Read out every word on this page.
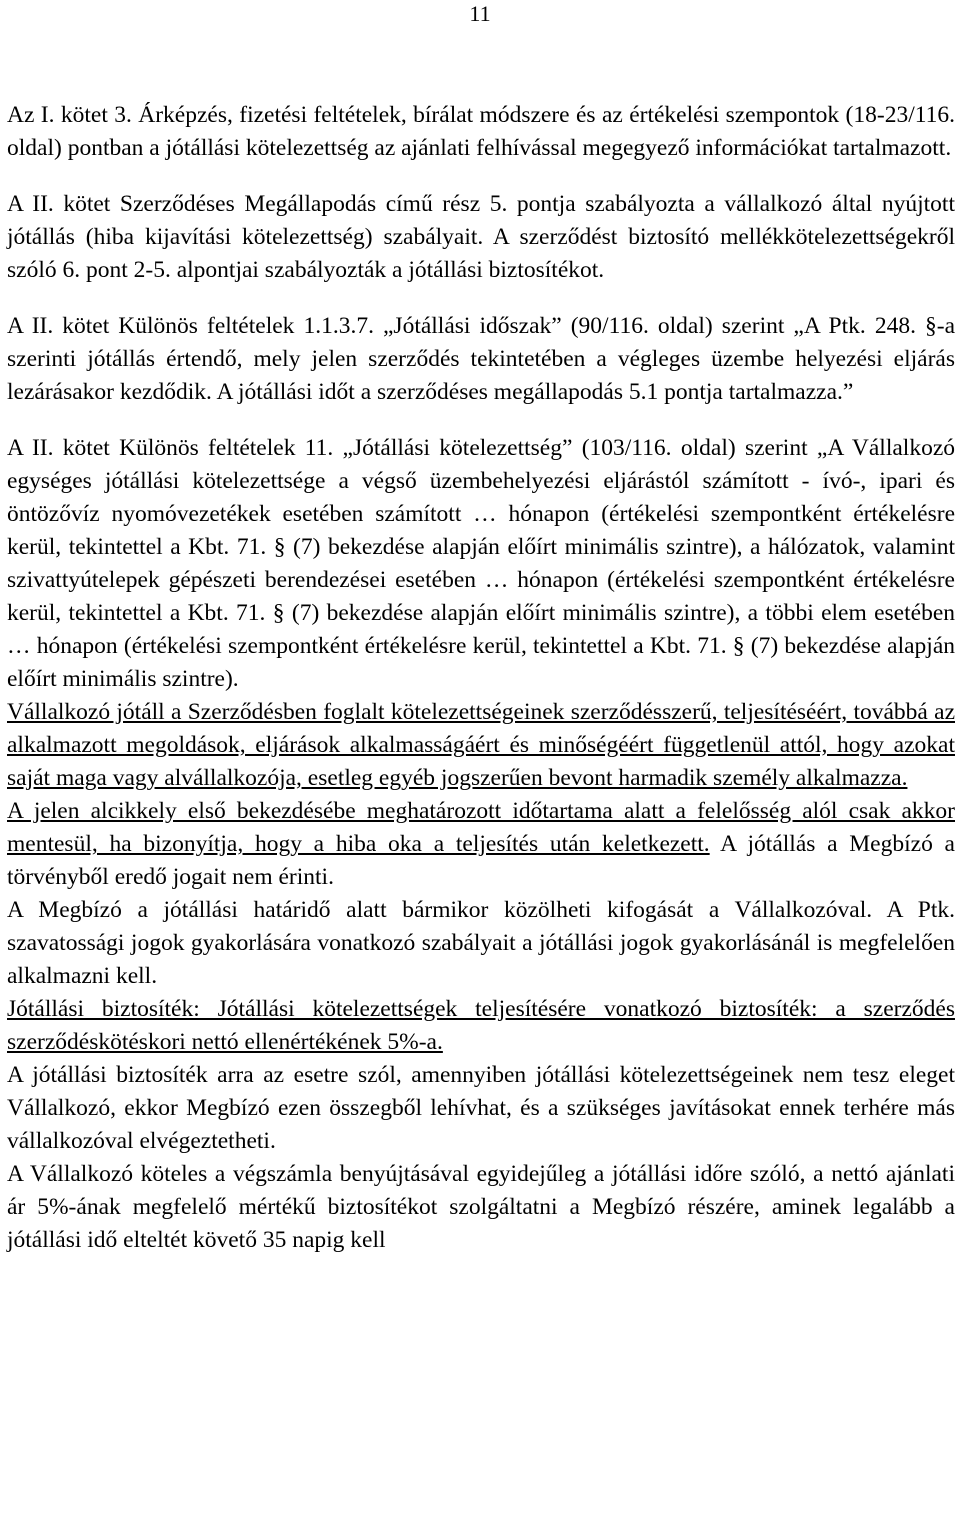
11

Az I. kötet 3. Árképzés, fizetési feltételek, bírálat módszere és az értékelési szempontok (18-23/116. oldal) pontban a jótállási kötelezettség az ajánlati felhívással megegyező információkat tartalmazott.

A II. kötet Szerződéses Megállapodás című rész 5. pontja szabályozta a vállalkozó által nyújtott jótállás (hiba kijavítási kötelezettség) szabályait. A szerződést biztosító mellékkötelezettségekről szóló 6. pont 2-5. alpontjai szabályozták a jótállási biztosítékot.

A II. kötet Különös feltételek 1.1.3.7. „Jótállási időszak” (90/116. oldal) szerint „A Ptk. 248. §-a szerinti jótállás értendő, mely jelen szerződés tekintetében a végleges üzembe helyezési eljárás lezárásakor kezdődik. A jótállási időt a szerződéses megállapodás 5.1 pontja tartalmazza.”

A II. kötet Különös feltételek 11. „Jótállási kötelezettség” (103/116. oldal) szerint „A Vállalkozó egységes jótállási kötelezettsége a végső üzembehelyezési eljárástól számított - ívó-, ipari és öntözővíz nyomóvezetékek esetében számított … hónapon (értékelési szempontként értékelésre kerül, tekintettel a Kbt. 71. § (7) bekezdése alapján előírt minimális szintre), a hálózatok, valamint szivattyútelepek gépészeti berendezései esetében … hónapon (értékelési szempontként értékelésre kerül, tekintettel a Kbt. 71. § (7) bekezdése alapján előírt minimális szintre), a többi elem esetében … hónapon (értékelési szempontként értékelésre kerül, tekintettel a Kbt. 71. § (7) bekezdése alapján előírt minimális szintre).

Vállalkozó jótáll a Szerződésben foglalt kötelezettségeinek szerződésszerű, teljesítéséért, továbbá az alkalmazott megoldások, eljárások alkalmasságáért és minőségéért függetlenül attól, hogy azokat saját maga vagy alvállalkozója, esetleg egyéb jogszerűen bevont harmadik személy alkalmazza.

A jelen alcikkely első bekezdésébe meghatározott időtartama alatt a felelősség alól csak akkor mentesül, ha bizonyítja, hogy a hiba oka a teljesítés után keletkezett. A jótállás a Megbízó a törvényből eredő jogait nem érinti.

A Megbízó a jótállási határidő alatt bármikor közölheti kifogását a Vállalkozóval. A Ptk. szavatossági jogok gyakorlására vonatkozó szabályait a jótállási jogok gyakorlásánál is megfelelően alkalmazni kell.

Jótállási biztosíték: Jótállási kötelezettségek teljesítésére vonatkozó biztosíték: a szerződés szerződéskötéskori nettó ellenértékének 5%-a.

A jótállási biztosíték arra az esetre szól, amennyiben jótállási kötelezettségeinek nem tesz eleget Vállalkozó, ekkor Megbízó ezen összegből lehívhat, és a szükséges javításokat ennek terhére más vállalkozóval elvégeztetheti.

A Vállalkozó köteles a végszámla benyújtásával egyidejűleg a jótállási időre szóló, a nettó ajánlati ár 5%-ának megfelelő mértékű biztosítékot szolgáltatni a Megbízó részére, aminek legalább a jótállási idő elteltét követő 35 napig kell
